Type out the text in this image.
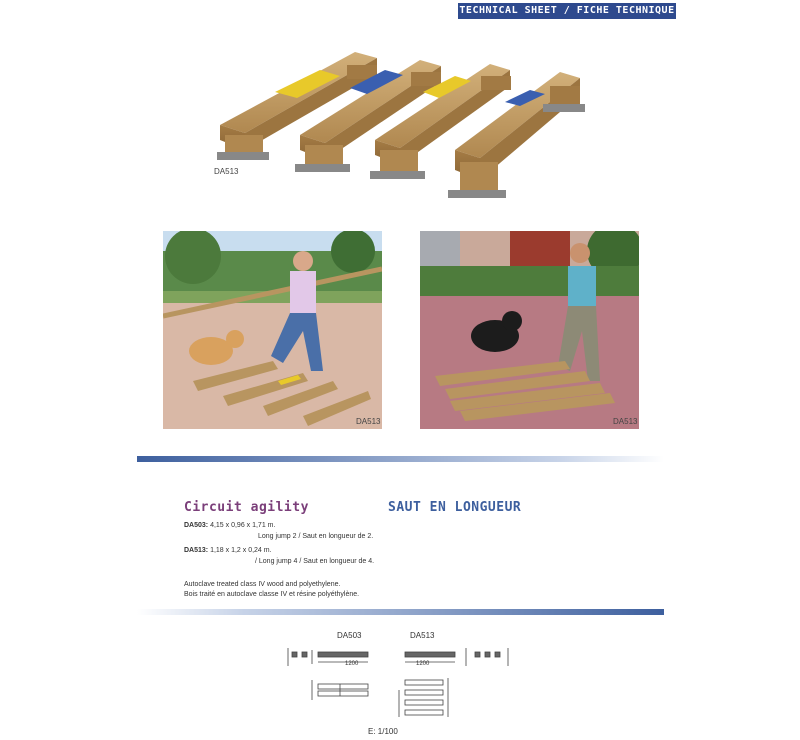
TECHNICAL SHEET / FICHE TECHNIQUE
DA513
DA513	DA513
Circuit agility	SAUT EN LONGUEUR
DA503: 4,15 x 0,96 x 1,71 m.
Long jump 2 / Saut en longueur de 2.
DA513: 1,18 x 1,2 x 0,24 m.
/ Long jump 4 / Saut en longueur de 4.
Autoclave treated class IV wood and polyethylene.
Bois traité en autoclave classe IV et résine polyéthylène.
DA503	DA513
1200	1200
E: 1/100
